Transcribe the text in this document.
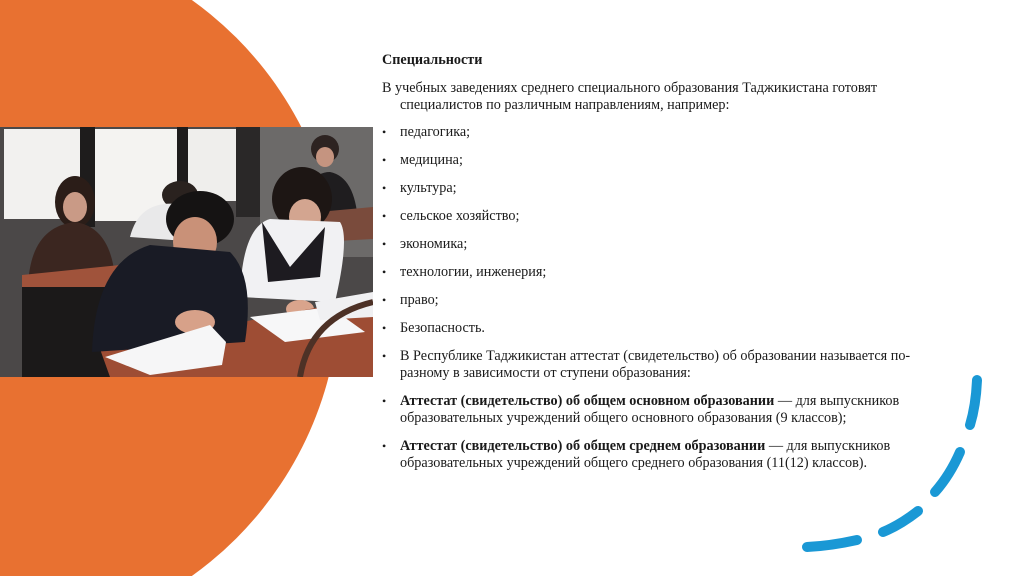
Специальности
В учебных заведениях среднего специального образования Таджикистана готовят специалистов по различным направлениям, например:
• педагогика;
• медицина;
• культура;
• сельское хозяйство;
• экономика;
• технологии, инженерия;
• право;
• Безопасность.
• В Республике Таджикистан аттестат (свидетельство) об образовании называется по-разному в зависимости от ступени образования:
• Аттестат (свидетельство) об общем основном образовании — для выпускников образовательных учреждений общего основного образования (9 классов);
• Аттестат (свидетельство) об общем среднем образовании — для выпускников образовательных учреждений общего среднего образования (11(12) классов).
